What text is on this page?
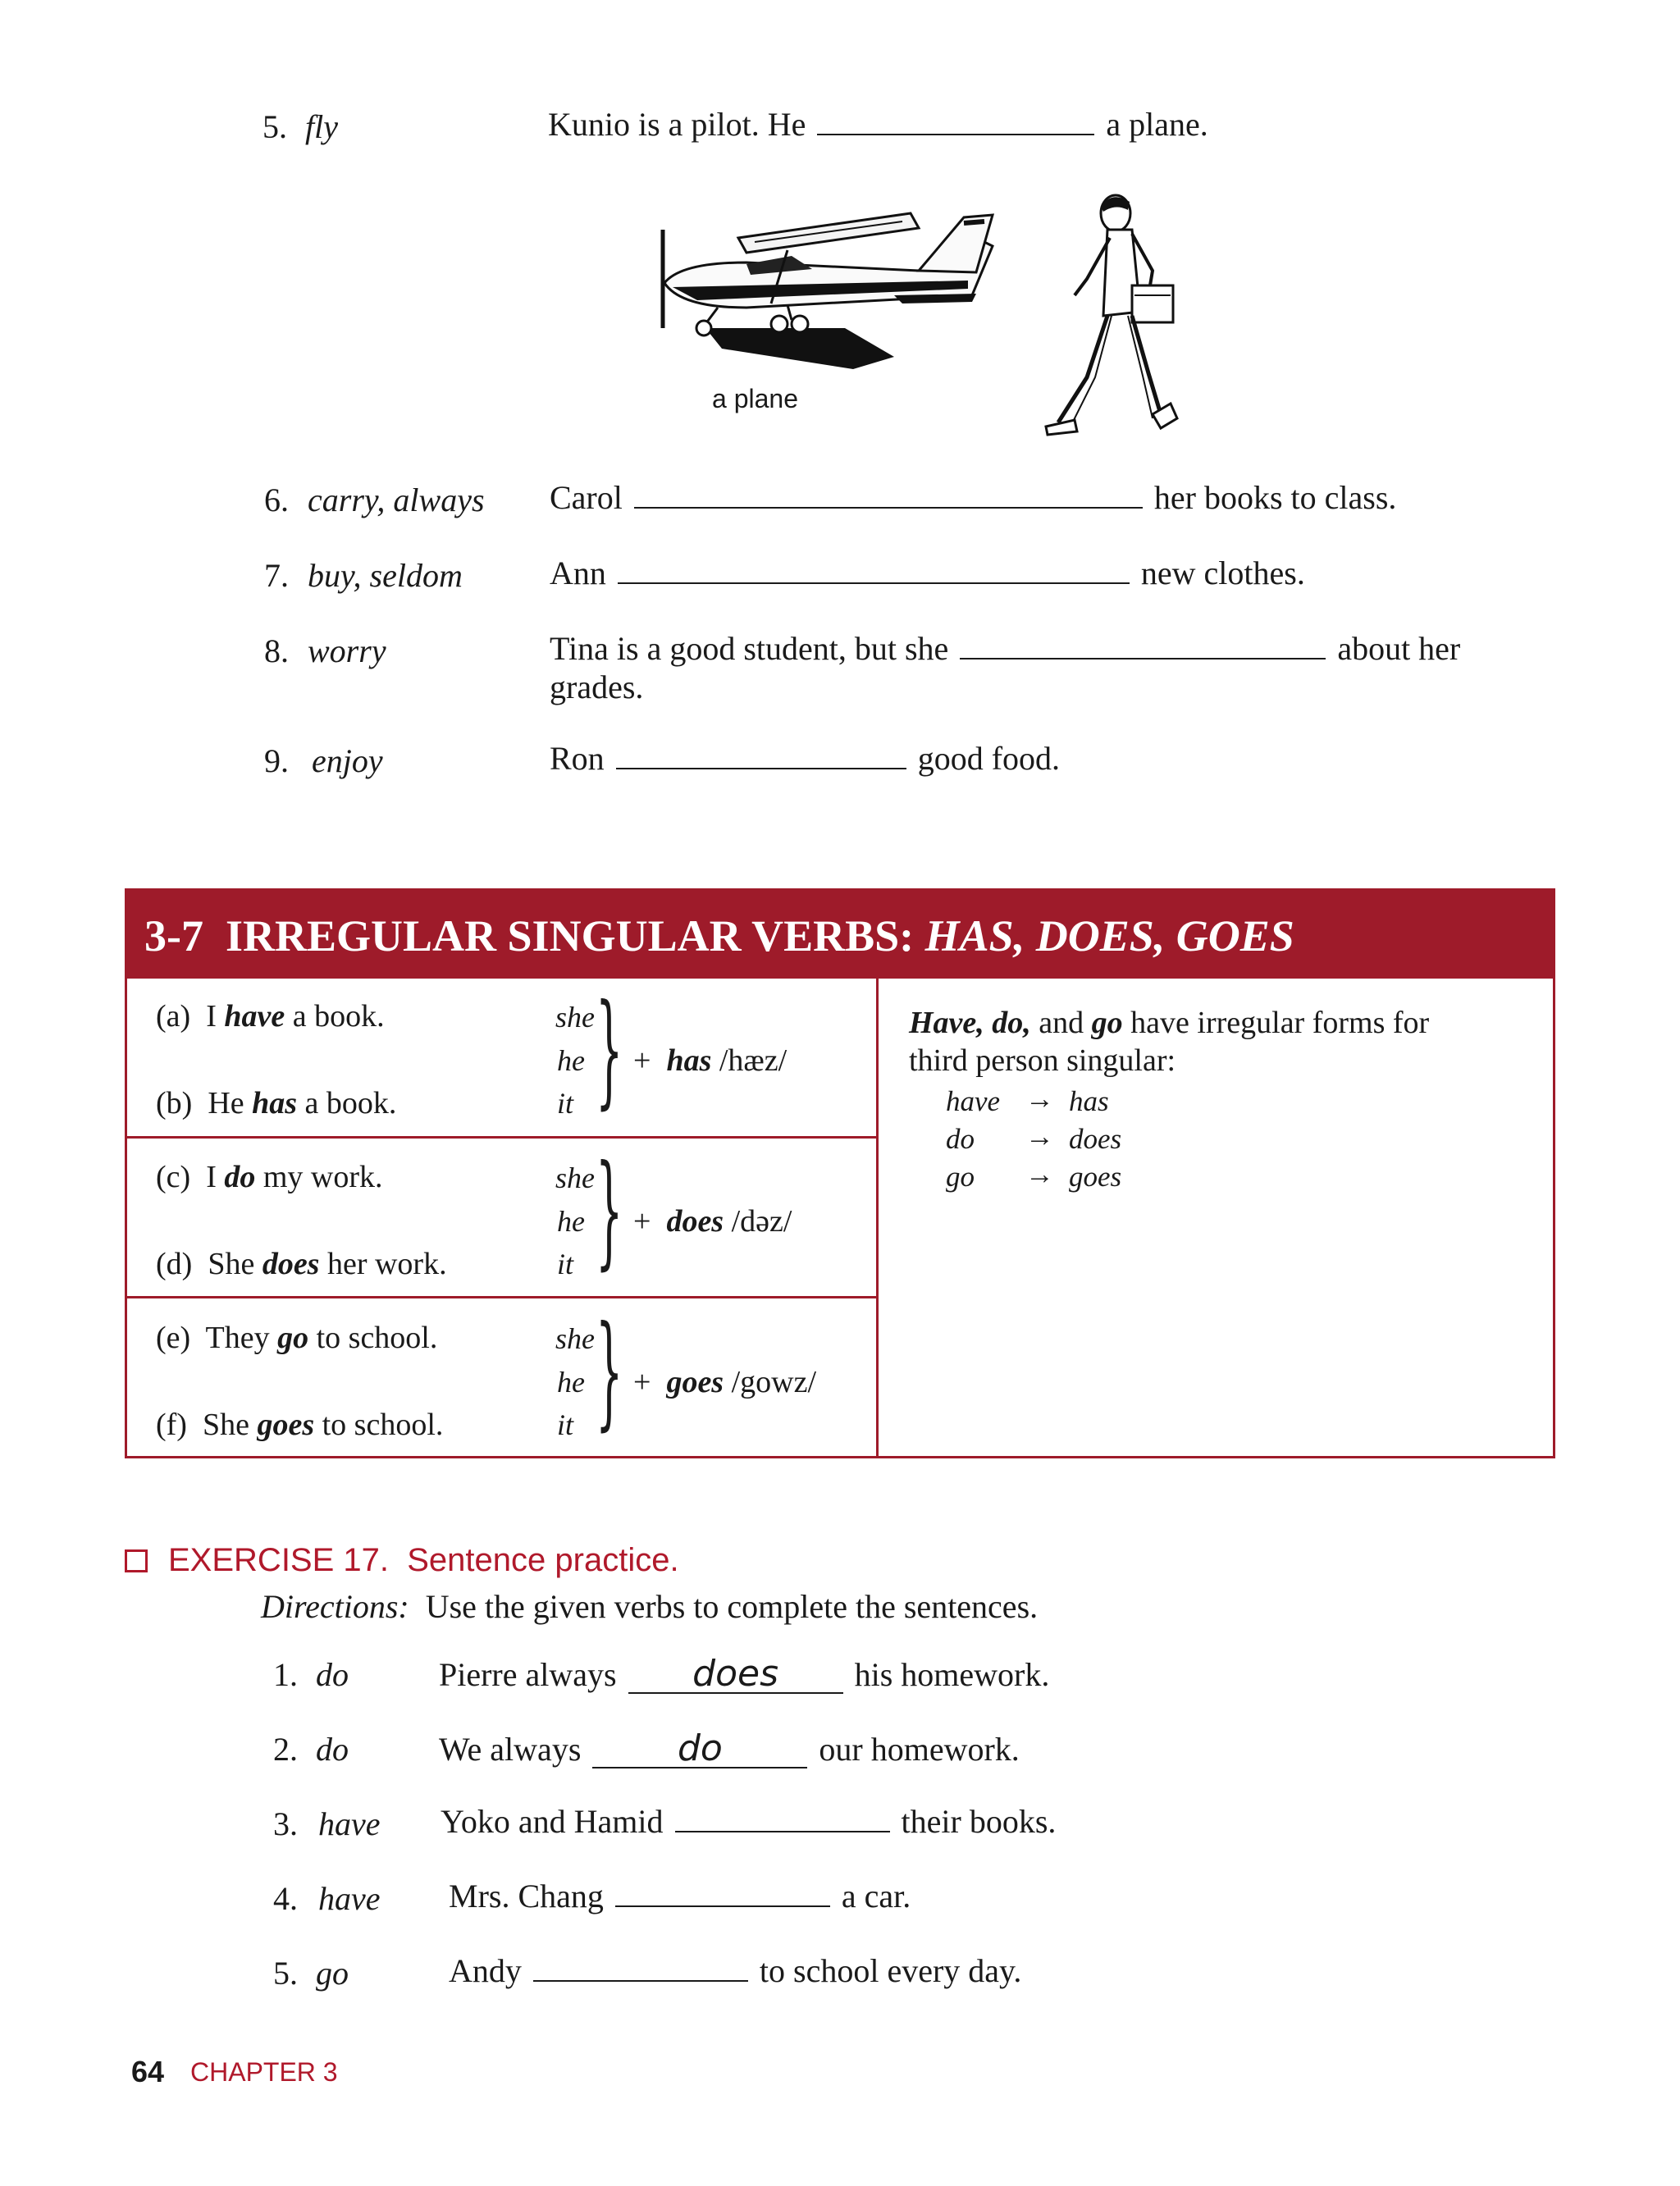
5. fly	Kunio is a pilot. He	a plane.
a plane
6. carry, always Carol	her books to class.
7. buy, seldom	Ann	new clothes.
8. worry	Tina is a good student, but she	about her
grades.
9. enjoy	Ron	good food.
3-7 IRREGULAR SINGULAR VERBS: HAS, DOES, GOES
(a) I have a book.
(b) He has a book.
she
he
it } + has /hæz/
(c) I do my work.
(d) She does her work.
she
he
it } + does /dəz/
(e) They go to school.
(f) She goes to school.
she
he
it } + goes /gowz/
Have, do, and go have irregular forms for
third person singular:
have → has
do → does
go → goes
EXERCISE 17. Sentence practice.
Directions: Use the given verbs to complete the sentences.
1. do	Pierre always does his homework.
2. do	We always	do	our homework.
3. have Yoko and Hamid	their books.
4. have Mrs. Chang	a car.
5. go	Andy	to school every day.
64 CHAPTER 3
